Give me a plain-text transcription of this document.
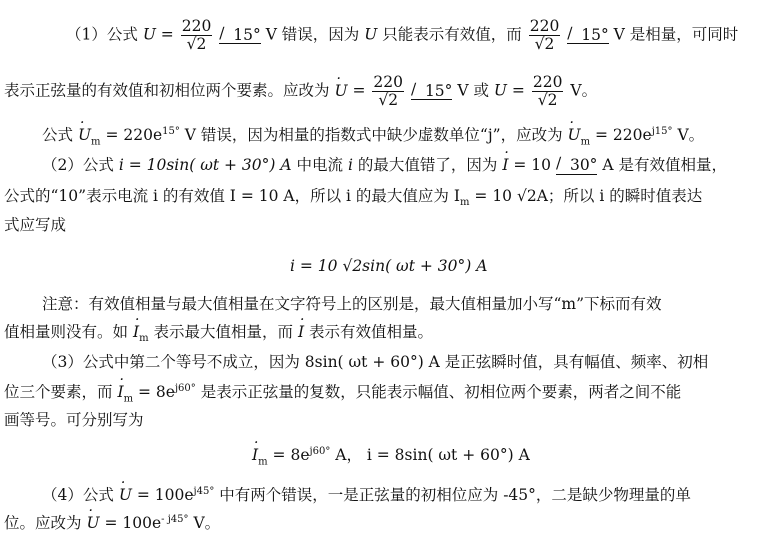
（1）公式 $U = \frac{220}{√2}$
∕ 15° V 错误，因为 U 只能表示有效值，而 $\frac{220}{√2}$
∕ 15° V 是相量，可同时
表示正弦量的有效值和初相位两个要素。应改为 · $U = \frac{220}{√2}$
∕ 15° V 或 $U = \frac{220}{√2}$ V。
公式 · $U_m = 220e^{15^\circ}$ V 错误，因为相量的指数式中缺少虚数单位“j”，应改为 · $U_m = 220e^{j15^\circ}$ V。
（2）公式 i = 10sin( ωt + 30°) A 中电流 i 的最大值错了，因为 · I = 10 ∕ 30° A 是有效值相量，
公式的“10”表示电流 i 的有效值 I = 10 A，所以 i 的最大值应为 $I_m = 10$ √2A；所以 i 的瞬时值表达
式应写成
i = 10 √2sin( ωt + 30°) A
注意：有效值相量与最大值相量在文字符号上的区别是，最大值相量加小写“m”下标而有效
值相量则没有。如 · $I_m$ 表示最大值相量，而 · I 表示有效值相量。
（3）公式中第二个等号不成立，因为 8sin( ωt + 60°) A 是正弦瞬时值，具有幅值、频率、初相
位三个要素，而 · $I_m = 8e^{j60^\circ}$ 是表示正弦量的复数，只能表示幅值、初相位两个要素，两者之间不能
画等号。可分别写为
· $I_m = 8e^{j60^\circ}$ A， i = 8sin( ωt + 60°) A
（4）公式 · $U = 100e^{j45^\circ}$ 中有两个错误，一是正弦量的初相位应为 -45°，二是缺少物理量的单
位。应改为 · $U = 100e^{- j45^\circ}$ V。
